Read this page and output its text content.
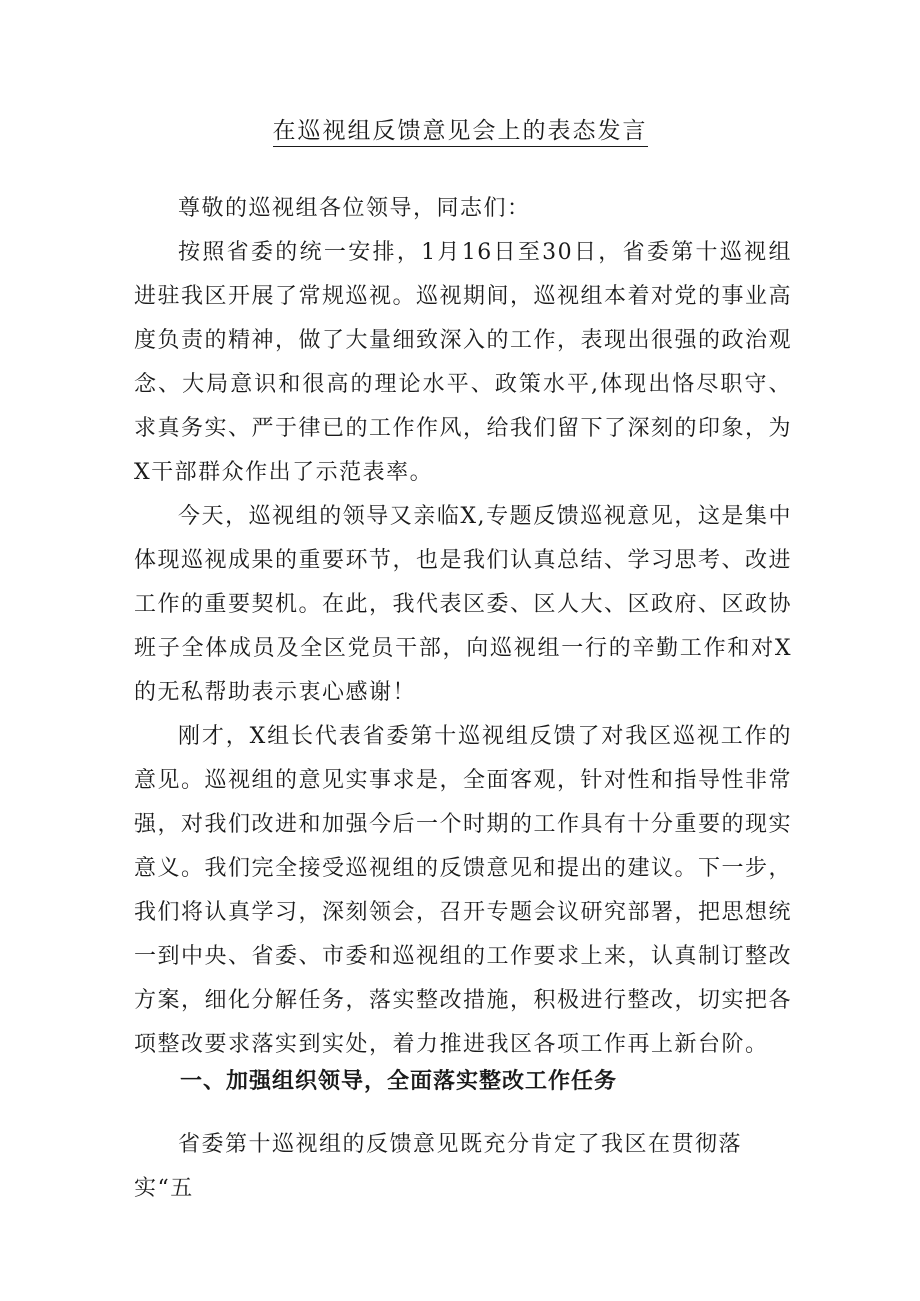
在巡视组反馈意见会上的表态发言

尊敬的巡视组各位领导，同志们：

按照省委的统一安排，1月16日至30日，省委第十巡视组进驻我区开展了常规巡视。巡视期间，巡视组本着对党的事业高度负责的精神，做了大量细致深入的工作，表现出很强的政治观念、大局意识和很高的理论水平、政策水平,体现出恪尽职守、求真务实、严于律已的工作作风，给我们留下了深刻的印象，为X干部群众作出了示范表率。

今天，巡视组的领导又亲临X,专题反馈巡视意见，这是集中体现巡视成果的重要环节，也是我们认真总结、学习思考、改进工作的重要契机。在此，我代表区委、区人大、区政府、区政协班子全体成员及全区党员干部，向巡视组一行的辛勤工作和对X的无私帮助表示衷心感谢！

刚才，X组长代表省委第十巡视组反馈了对我区巡视工作的意见。巡视组的意见实事求是，全面客观，针对性和指导性非常强，对我们改进和加强今后一个时期的工作具有十分重要的现实意义。我们完全接受巡视组的反馈意见和提出的建议。下一步，我们将认真学习，深刻领会，召开专题会议研究部署，把思想统一到中央、省委、市委和巡视组的工作要求上来，认真制订整改方案，细化分解任务，落实整改措施，积极进行整改，切实把各项整改要求落实到实处，着力推进我区各项工作再上新台阶。

一、加强组织领导，全面落实整改工作任务

省委第十巡视组的反馈意见既充分肯定了我区在贯彻落实“五
